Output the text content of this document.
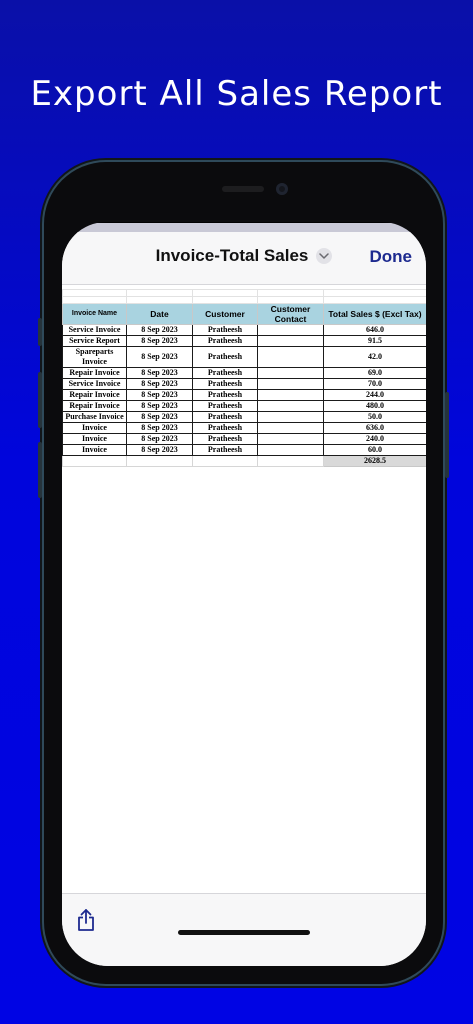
Export All Sales Report
Invoice-Total Sales	Done

Invoice Name	Date	Customer	Customer Contact	Total Sales $ (Excl Tax)
Service Invoice	8 Sep 2023	Pratheesh		646.0
Service Report	8 Sep 2023	Pratheesh		91.5
Spareparts Invoice	8 Sep 2023	Pratheesh		42.0
Repair Invoice	8 Sep 2023	Pratheesh		69.0
Service Invoice	8 Sep 2023	Pratheesh		70.0
Repair Invoice	8 Sep 2023	Pratheesh		244.0
Repair Invoice	8 Sep 2023	Pratheesh		480.0
Purchase Invoice	8 Sep 2023	Pratheesh		50.0
Invoice	8 Sep 2023	Pratheesh		636.0
Invoice	8 Sep 2023	Pratheesh		240.0
Invoice	8 Sep 2023	Pratheesh		60.0
				2628.5
